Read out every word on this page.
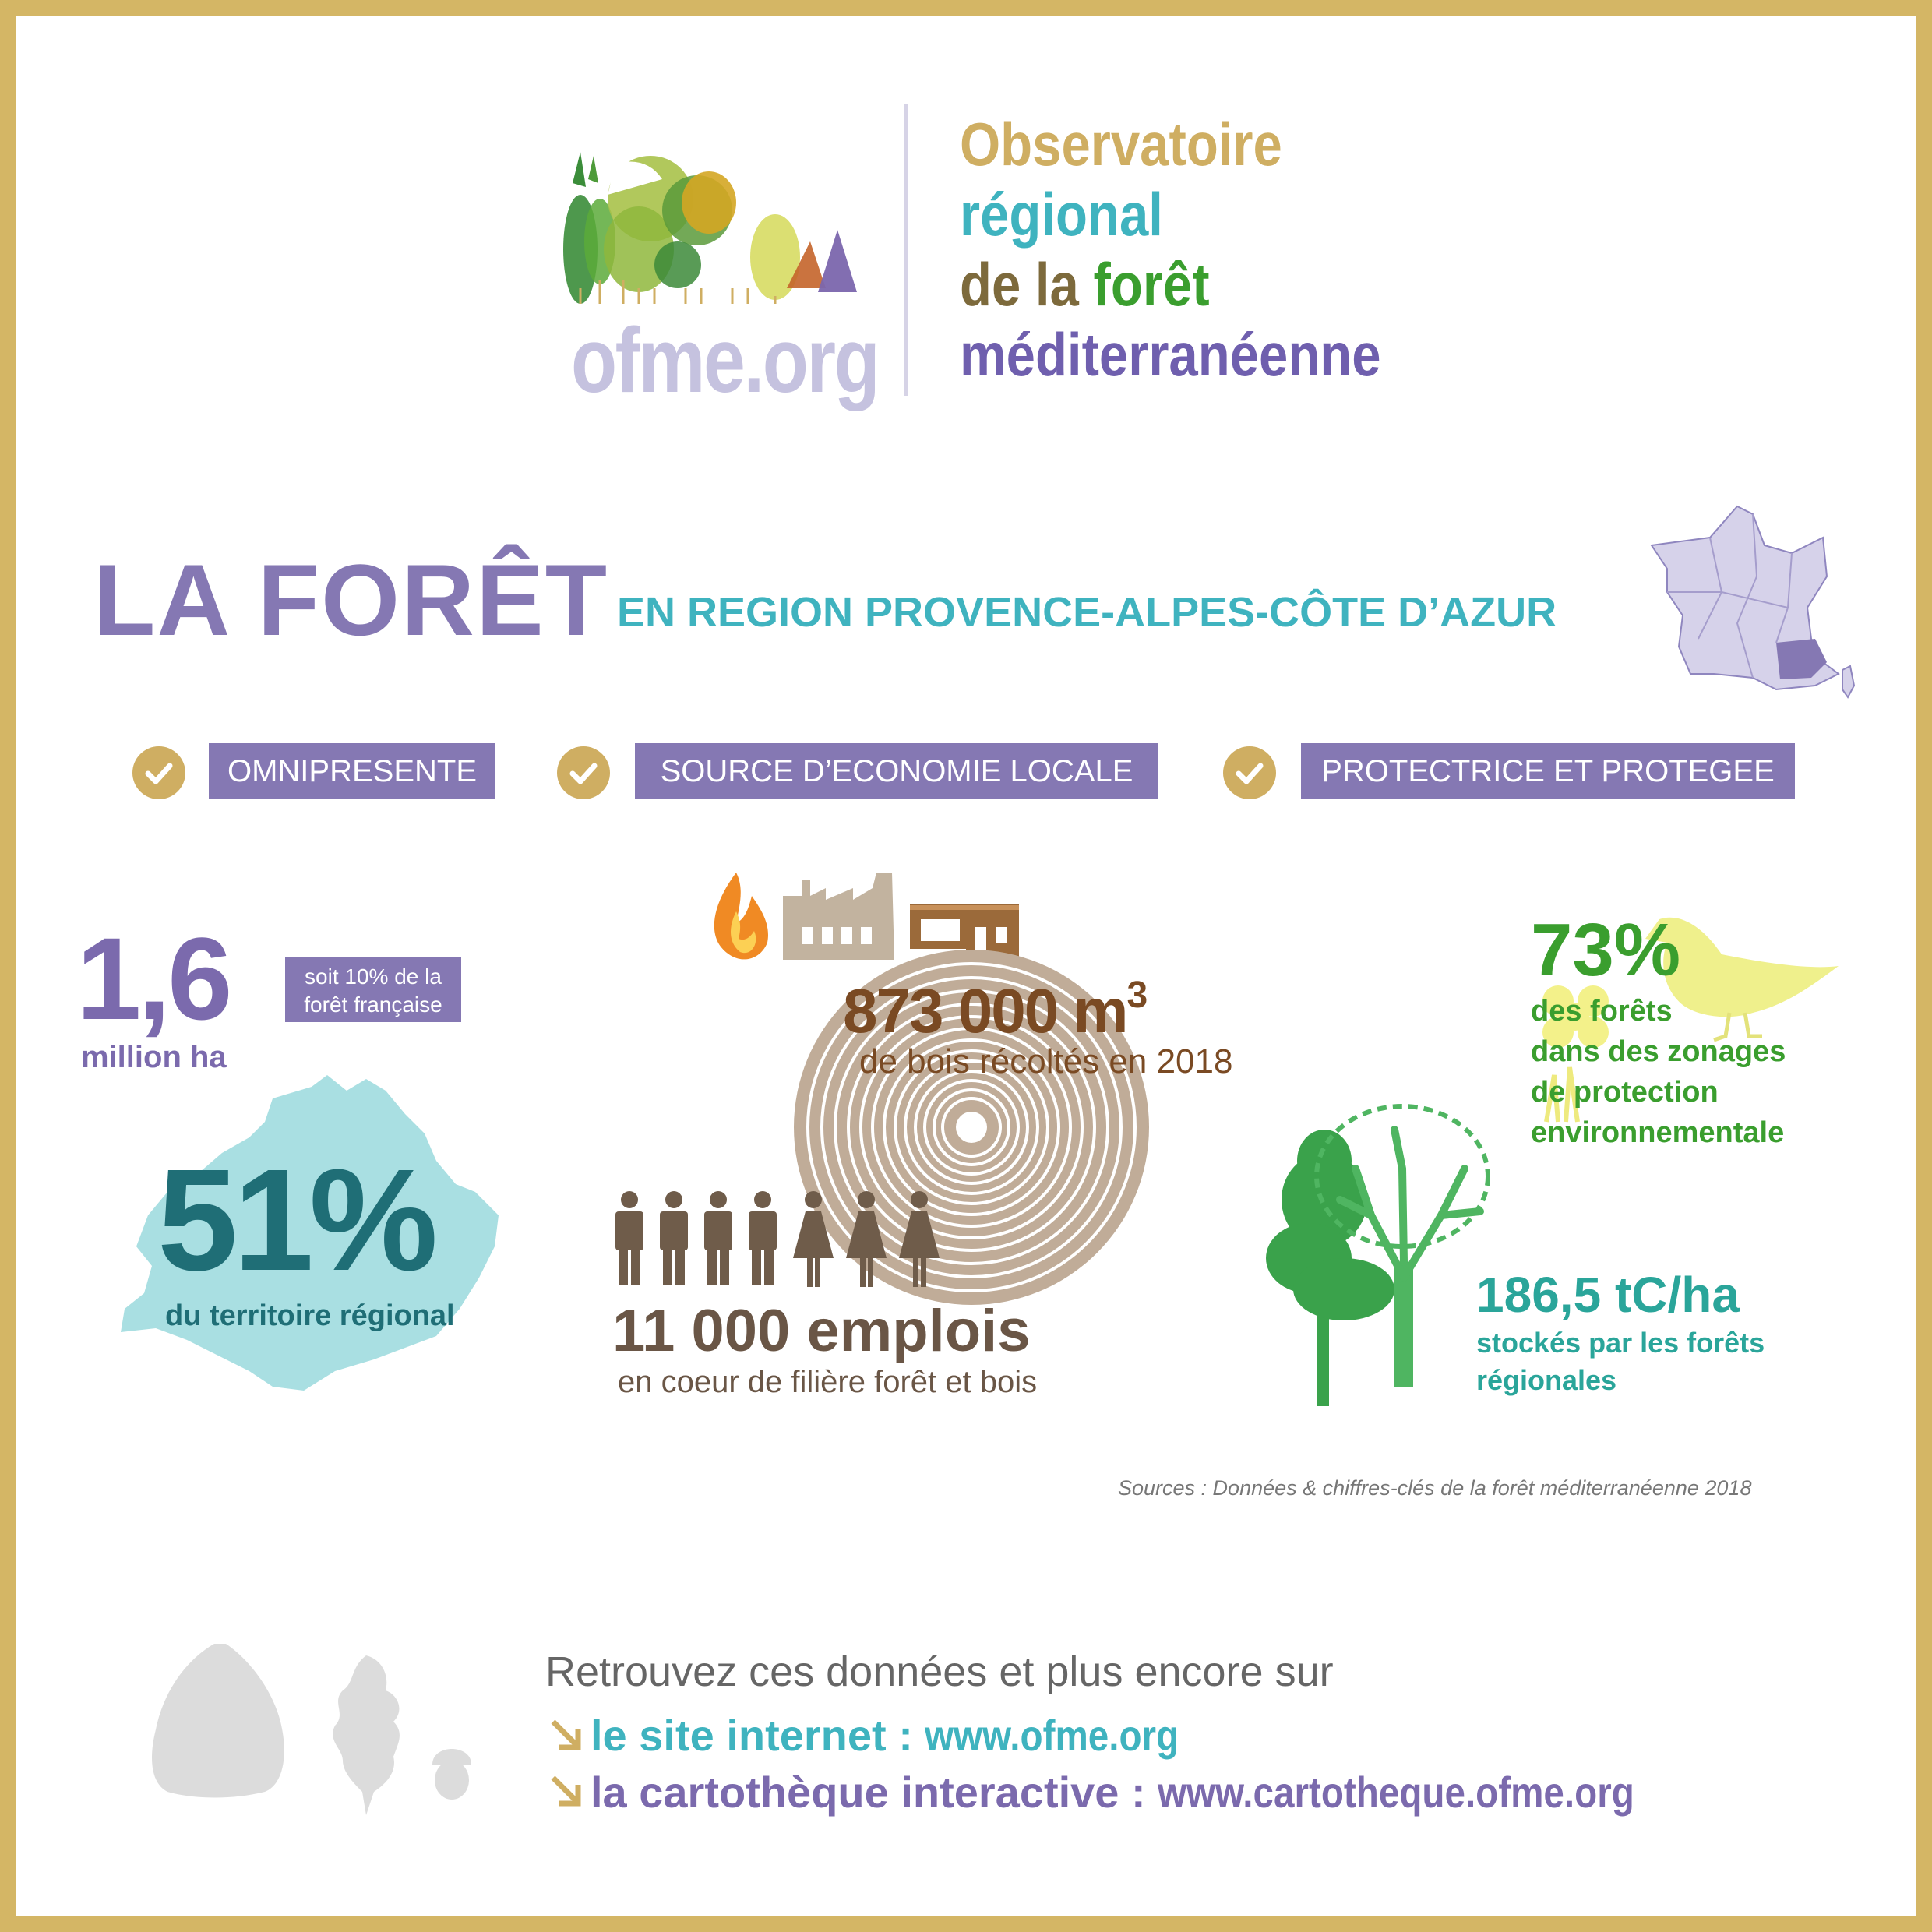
ofme.org
Observatoire
régional
de la forêt
méditerranéenne
LA FORÊT EN REGION PROVENCE-ALPES-CÔTE D’AZUR
OMNIPRESENTE	SOURCE D’ECONOMIE LOCALE	PROTECTRICE ET PROTEGEE
1,6
million ha
soit 10% de la
forêt française
51%
du territoire régional
873 000 $m^3$
de bois récoltés en 2018
11 000 emplois
en coeur de filière forêt et bois
73%
des forêts
dans des zonages
de protection
environnementale
186,5 tC/ha
stockés par les forêts
régionales
Sources : Données & chiffres-clés de la forêt méditerranéenne 2018
Retrouvez ces données et plus encore sur
le site internet : www.ofme.org
la cartothèque interactive : www.cartotheque.ofme.org
